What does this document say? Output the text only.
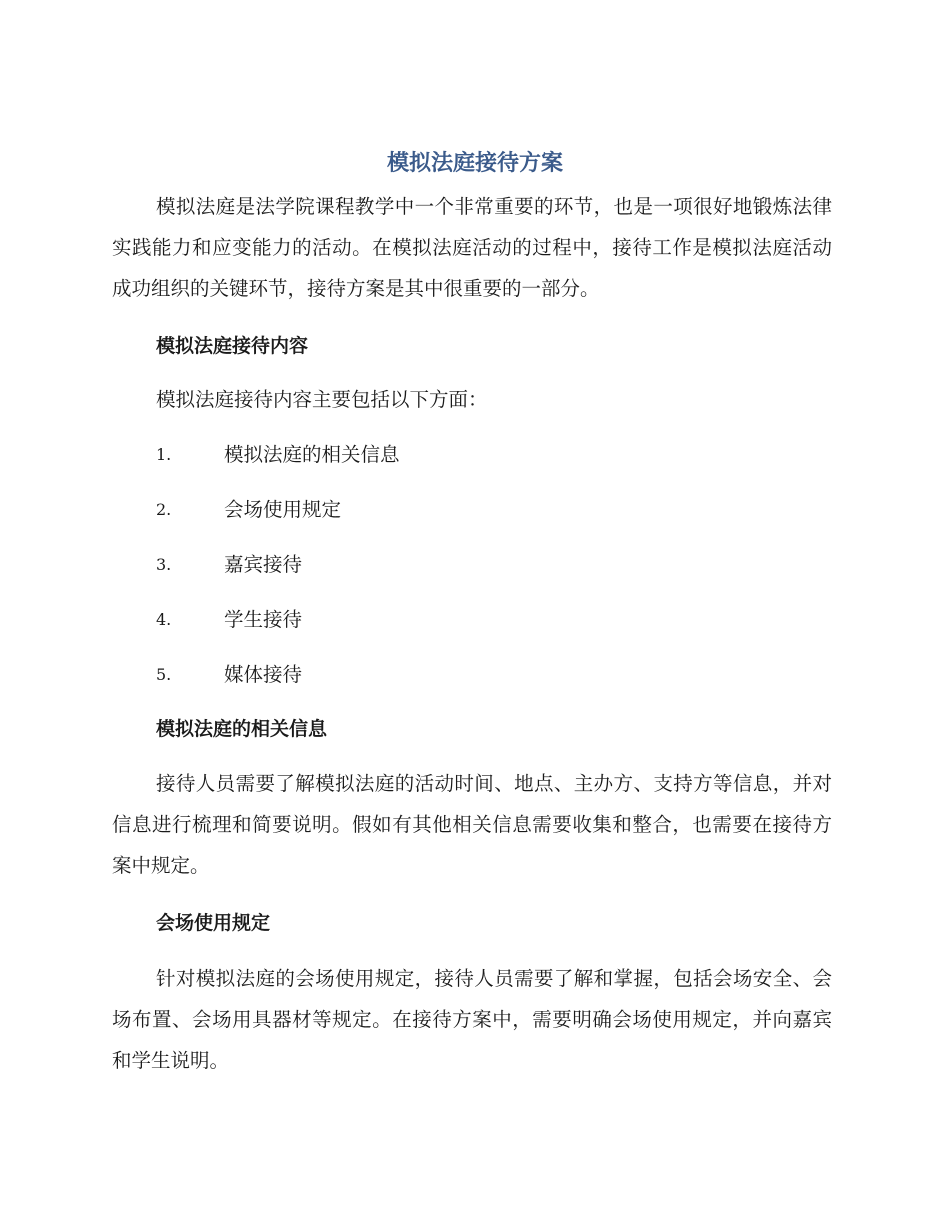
模拟法庭接待方案
模拟法庭是法学院课程教学中一个非常重要的环节，也是一项很好地锻炼法律实践能力和应变能力的活动。在模拟法庭活动的过程中，接待工作是模拟法庭活动成功组织的关键环节，接待方案是其中很重要的一部分。
模拟法庭接待内容
模拟法庭接待内容主要包括以下方面：
1.	模拟法庭的相关信息
2.	会场使用规定
3.	嘉宾接待
4.	学生接待
5.	媒体接待
模拟法庭的相关信息
接待人员需要了解模拟法庭的活动时间、地点、主办方、支持方等信息，并对信息进行梳理和简要说明。假如有其他相关信息需要收集和整合，也需要在接待方案中规定。
会场使用规定
针对模拟法庭的会场使用规定，接待人员需要了解和掌握，包括会场安全、会场布置、会场用具器材等规定。在接待方案中，需要明确会场使用规定，并向嘉宾和学生说明。
